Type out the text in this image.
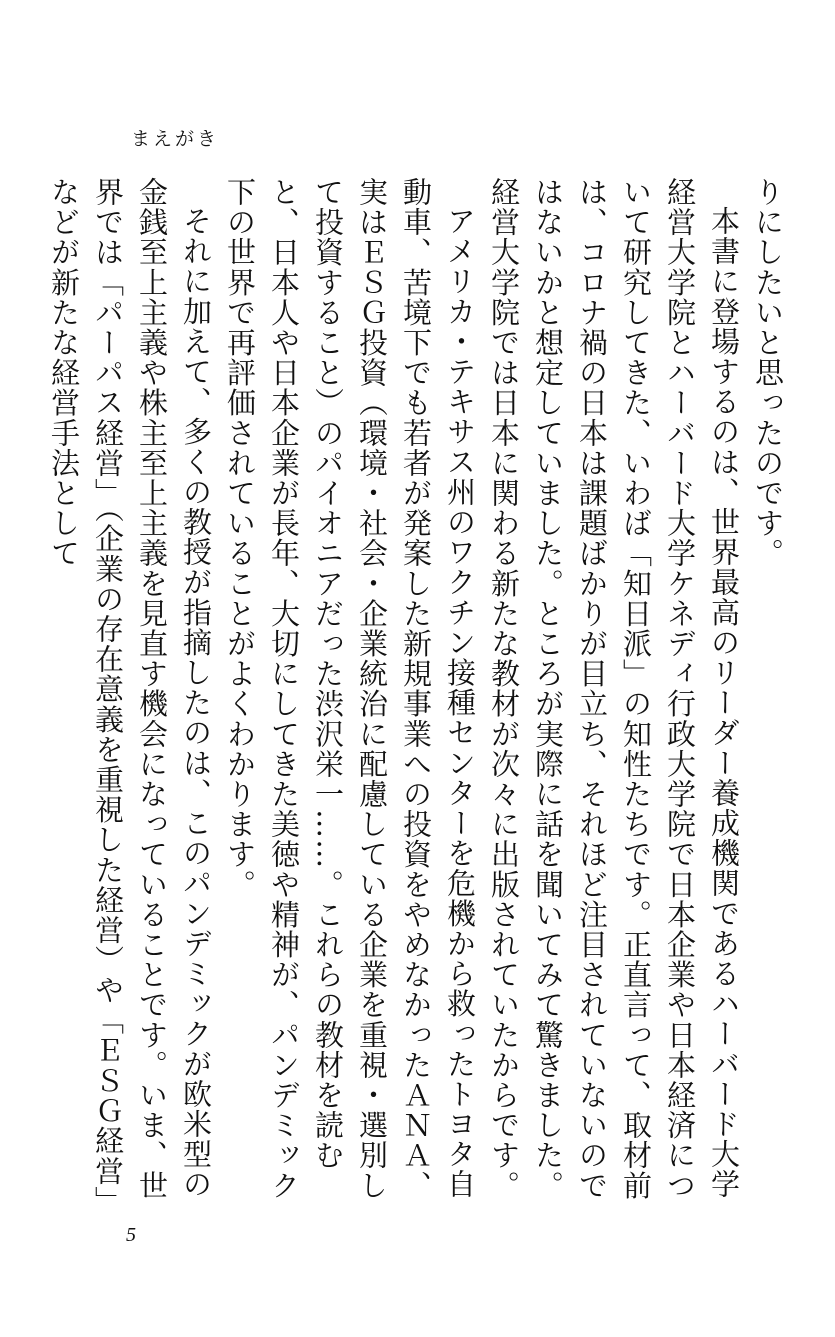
まえがき

りにしたいと思ったのです。

本書に登場するのは、世界最高のリーダー養成機関であるハーバード大学経営大学院とハーバード大学ケネディ行政大学院で日本企業や日本経済について研究してきた、いわば「知日派」の知性たちです。正直言って、取材前は、コロナ禍の日本は課題ばかりが目立ち、それほど注目されていないのではないかと想定していました。ところが実際に話を聞いてみて驚きました。経営大学院では日本に関わる新たな教材が次々に出版されていたからです。

アメリカ・テキサス州のワクチン接種センターを危機から救ったトヨタ自動車、苦境下でも若者が発案した新規事業への投資をやめなかったＡＮＡ、実はＥＳＧ投資（環境・社会・企業統治に配慮している企業を重視・選別して投資すること）のパイオニアだった渋沢栄一……。これらの教材を読むと、日本人や日本企業が長年、大切にしてきた美徳や精神が、パンデミック下の世界で再評価されていることがよくわかります。

それに加えて、多くの教授が指摘したのは、このパンデミックが欧米型の金銭至上主義や株主至上主義を見直す機会になっていることです。いま、世界では「パーパス経営」（企業の存在意義を重視した経営）や「ＥＳＧ経営」などが新たな経営手法として

5
